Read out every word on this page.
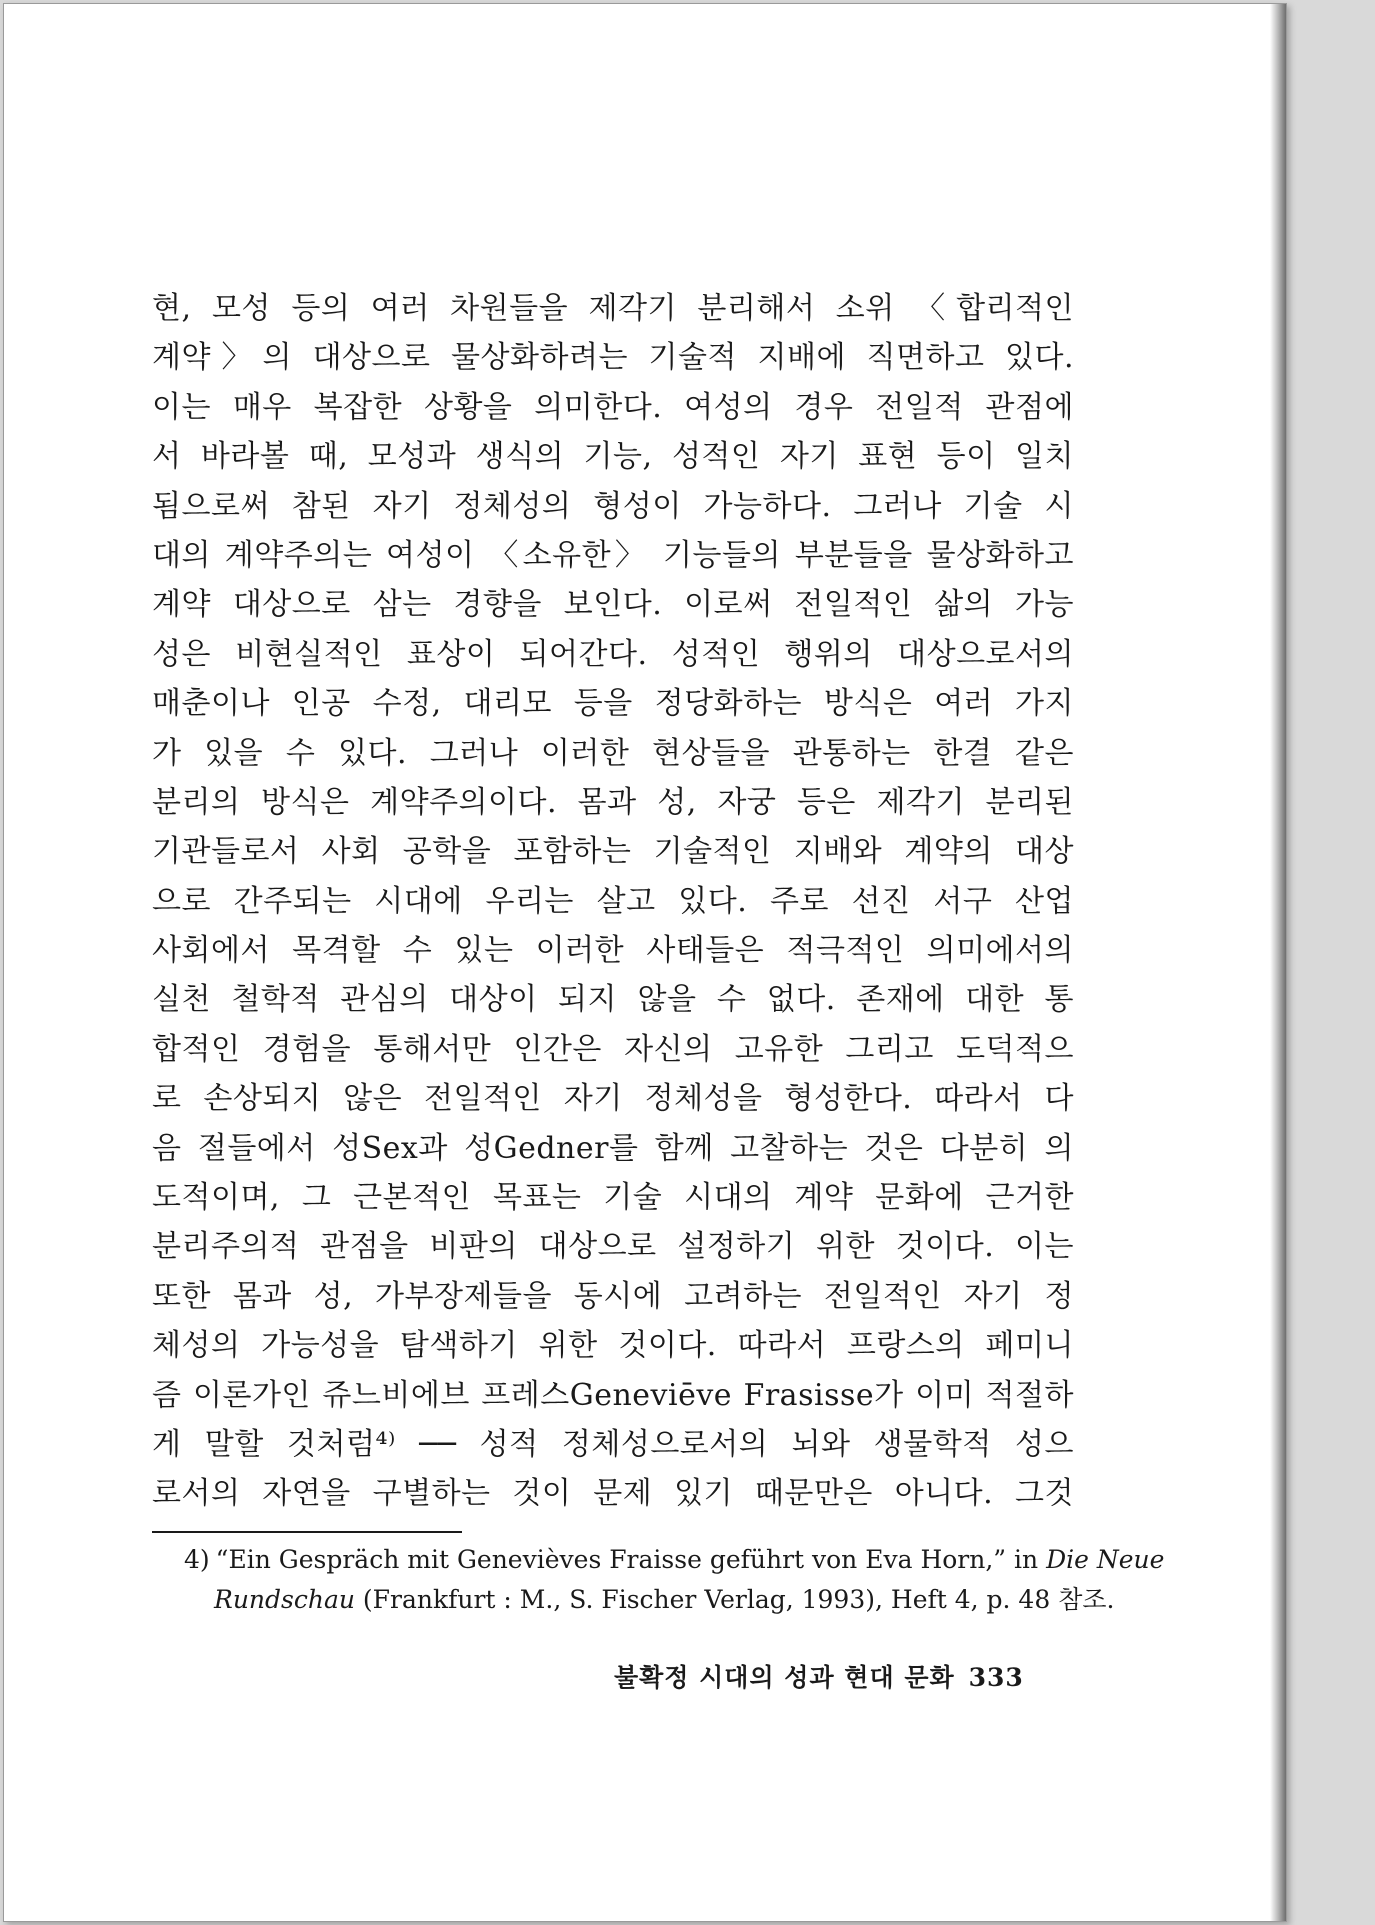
현, 모성 등의 여러 차원들을 제각기 분리해서 소위 〈합리적인
계약〉의 대상으로 물상화하려는 기술적 지배에 직면하고 있다.
이는 매우 복잡한 상황을 의미한다. 여성의 경우 전일적 관점에
서 바라볼 때, 모성과 생식의 기능, 성적인 자기 표현 등이 일치
됨으로써 참된 자기 정체성의 형성이 가능하다. 그러나 기술 시
대의 계약주의는 여성이 〈소유한〉 기능들의 부분들을 물상화하고
계약 대상으로 삼는 경향을 보인다. 이로써 전일적인 삶의 가능
성은 비현실적인 표상이 되어간다. 성적인 행위의 대상으로서의
매춘이나 인공 수정, 대리모 등을 정당화하는 방식은 여러 가지
가 있을 수 있다. 그러나 이러한 현상들을 관통하는 한결 같은
분리의 방식은 계약주의이다. 몸과 성, 자궁 등은 제각기 분리된
기관들로서 사회 공학을 포함하는 기술적인 지배와 계약의 대상
으로 간주되는 시대에 우리는 살고 있다. 주로 선진 서구 산업
사회에서 목격할 수 있는 이러한 사태들은 적극적인 의미에서의
실천 철학적 관심의 대상이 되지 않을 수 없다. 존재에 대한 통
합적인 경험을 통해서만 인간은 자신의 고유한 그리고 도덕적으
로 손상되지 않은 전일적인 자기 정체성을 형성한다. 따라서 다
음 절들에서 성Sex과 성Gedner를 함께 고찰하는 것은 다분히 의
도적이며, 그 근본적인 목표는 기술 시대의 계약 문화에 근거한
분리주의적 관점을 비판의 대상으로 설정하기 위한 것이다. 이는
또한 몸과 성, 가부장제들을 동시에 고려하는 전일적인 자기 정
체성의 가능성을 탐색하기 위한 것이다. 따라서 프랑스의 페미니
즘 이론가인 쥬느비에브 프레스Geneviēve Frasisse가 이미 적절하
게 말할 것처럼⁴⁾ ── 성적 정체성으로서의 뇌와 생물학적 성으
로서의 자연을 구별하는 것이 문제 있기 때문만은 아니다. 그것
4) “Ein Gespräch mit Genevièves Fraisse geführt von Eva Horn,” in Die Neue
Rundschau (Frankfurt : M., S. Fischer Verlag, 1993), Heft 4, p. 48 참조.
불확정 시대의 성과 현대 문화 333
